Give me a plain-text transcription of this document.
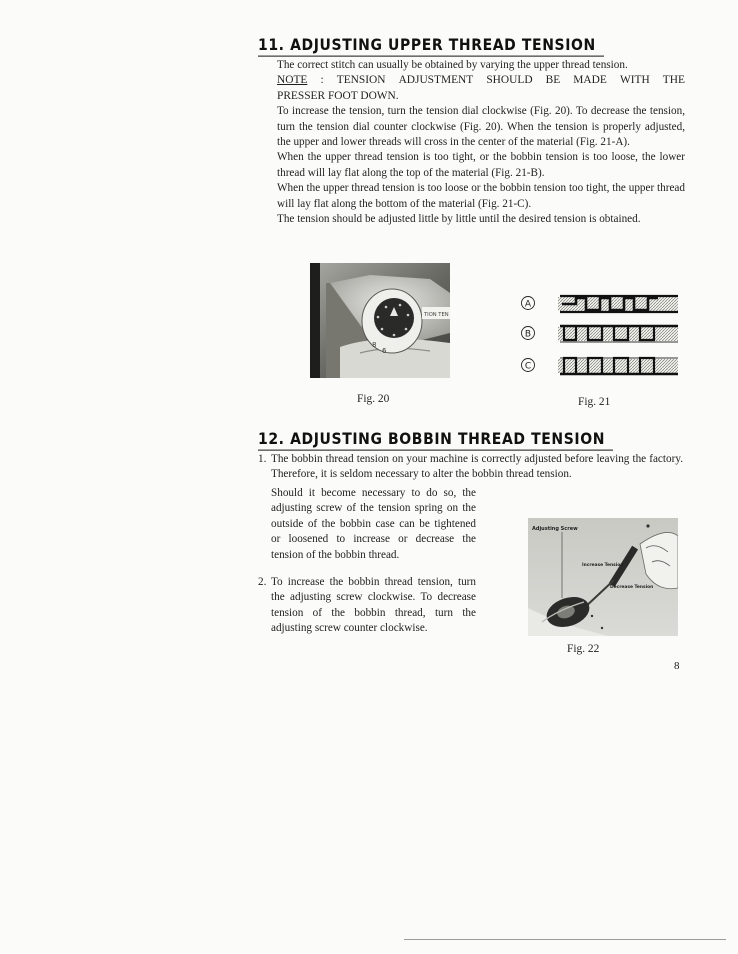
11. ADJUSTING UPPER THREAD TENSION

The correct stitch can usually be obtained by varying the upper thread tension.

NOTE : TENSION ADJUSTMENT SHOULD BE MADE WITH THE

PRESSER FOOT DOWN.

To increase the tension, turn the tension dial clockwise (Fig. 20). To decrease the tension, turn the tension dial counter clockwise (Fig. 20). When the tension is properly adjusted, the upper and lower threads will cross in the center of the material (Fig. 21-A).

When the upper thread tension is too tight, or the bobbin tension is too loose, the lower thread will lay flat along the top of the material (Fig. 21-B).

When the upper thread tension is too loose or the bobbin tension too tight, the upper thread will lay flat along the bottom of the material (Fig. 21-C).

The tension should be adjusted little by little until the desired tension is obtained.

8
6
TION TEN
A
B
C
Fig. 20	Fig. 21
12. ADJUSTING BOBBIN THREAD TENSION
1. The bobbin thread tension on your machine is correctly adjusted before leaving the factory. Therefore, it is seldom necessary to alter the bobbin thread tension.

Should it become necessary to do so, the adjusting screw of the tension spring on the outside of the bobbin case can be tightened or loosened to increase or decrease the tension of the bobbin thread.

2. To increase the bobbin thread tension, turn the adjusting screw clockwise. To decrease tension of the bobbin thread, turn the adjusting screw counter clockwise.

Adjusting Screw
Increase Tension
Decrease Tension
Fig. 22
8
